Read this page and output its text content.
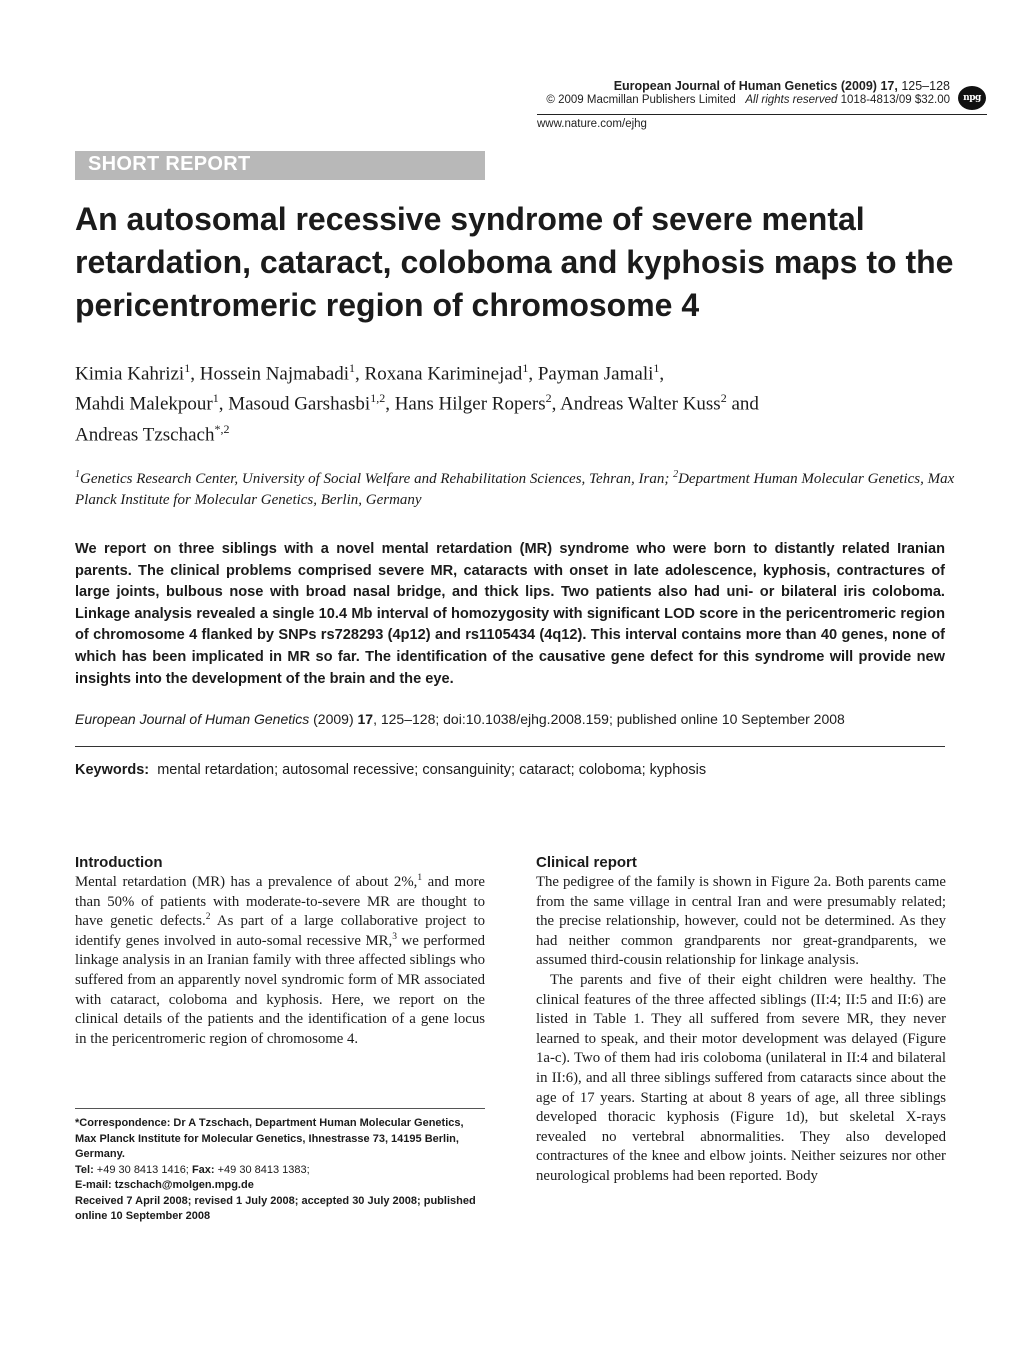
European Journal of Human Genetics (2009) 17, 125–128
© 2009 Macmillan Publishers Limited All rights reserved 1018-4813/09 $32.00	npg
www.nature.com/ejhg
SHORT REPORT
An autosomal recessive syndrome of severe mental retardation, cataract, coloboma and kyphosis maps to the pericentromeric region of chromosome 4
Kimia Kahrizi$^1$, Hossein Najmabadi$^1$, Roxana Kariminejad$^1$, Payman Jamali$^1$,
Mahdi Malekpour$^1$, Masoud Garshasbi$^{1,2}$, Hans Hilger Ropers$^2$, Andreas Walter Kuss$^2$ and
Andreas Tzschach$^{*,2}$
$^1$Genetics Research Center, University of Social Welfare and Rehabilitation Sciences, Tehran, Iran; $^2$Department Human Molecular Genetics, Max Planck Institute for Molecular Genetics, Berlin, Germany
We report on three siblings with a novel mental retardation (MR) syndrome who were born to distantly related Iranian parents. The clinical problems comprised severe MR, cataracts with onset in late adolescence, kyphosis, contractures of large joints, bulbous nose with broad nasal bridge, and thick lips. Two patients also had uni- or bilateral iris coloboma. Linkage analysis revealed a single 10.4 Mb interval of homozygosity with significant LOD score in the pericentromeric region of chromosome 4 flanked by SNPs rs728293 (4p12) and rs1105434 (4q12). This interval contains more than 40 genes, none of which has been implicated in MR so far. The identification of the causative gene defect for this syndrome will provide new insights into the development of the brain and the eye.
European Journal of Human Genetics (2009) 17, 125–128; doi:10.1038/ejhg.2008.159; published online 10 September 2008
Keywords: mental retardation; autosomal recessive; consanguinity; cataract; coloboma; kyphosis
Introduction

Mental retardation (MR) has a prevalence of about 2%,$^1$ and more than 50% of patients with moderate-to-severe MR are thought to have genetic defects.$^2$ As part of a large collaborative project to identify genes involved in auto-somal recessive MR,$^3$ we performed linkage analysis in an Iranian family with three affected siblings who suffered from an apparently novel syndromic form of MR associated with cataract, coloboma and kyphosis. Here, we report on the clinical details of the patients and the identification of a gene locus in the pericentromeric region of chromosome 4.

*Correspondence: Dr A Tzschach, Department Human Molecular Genetics, Max Planck Institute for Molecular Genetics, Ihnestrasse 73, 14195 Berlin, Germany.
Tel: +49 30 8413 1416; Fax: +49 30 8413 1383;
E-mail: tzschach@molgen.mpg.de
Received 7 April 2008; revised 1 July 2008; accepted 30 July 2008; published online 10 September 2008
Clinical report

The pedigree of the family is shown in Figure 2a. Both parents came from the same village in central Iran and were presumably related; the precise relationship, however, could not be determined. As they had neither common grandparents nor great-grandparents, we assumed third-cousin relationship for linkage analysis.

The parents and five of their eight children were healthy. The clinical features of the three affected siblings (II:4; II:5 and II:6) are listed in Table 1. They all suffered from severe MR, they never learned to speak, and their motor development was delayed (Figure 1a-c). Two of them had iris coloboma (unilateral in II:4 and bilateral in II:6), and all three siblings suffered from cataracts since about the age of 17 years. Starting at about 8 years of age, all three siblings developed thoracic kyphosis (Figure 1d), but skeletal X-rays revealed no vertebral abnormalities. They also developed contractures of the knee and elbow joints. Neither seizures nor other neurological problems had been reported. Body
